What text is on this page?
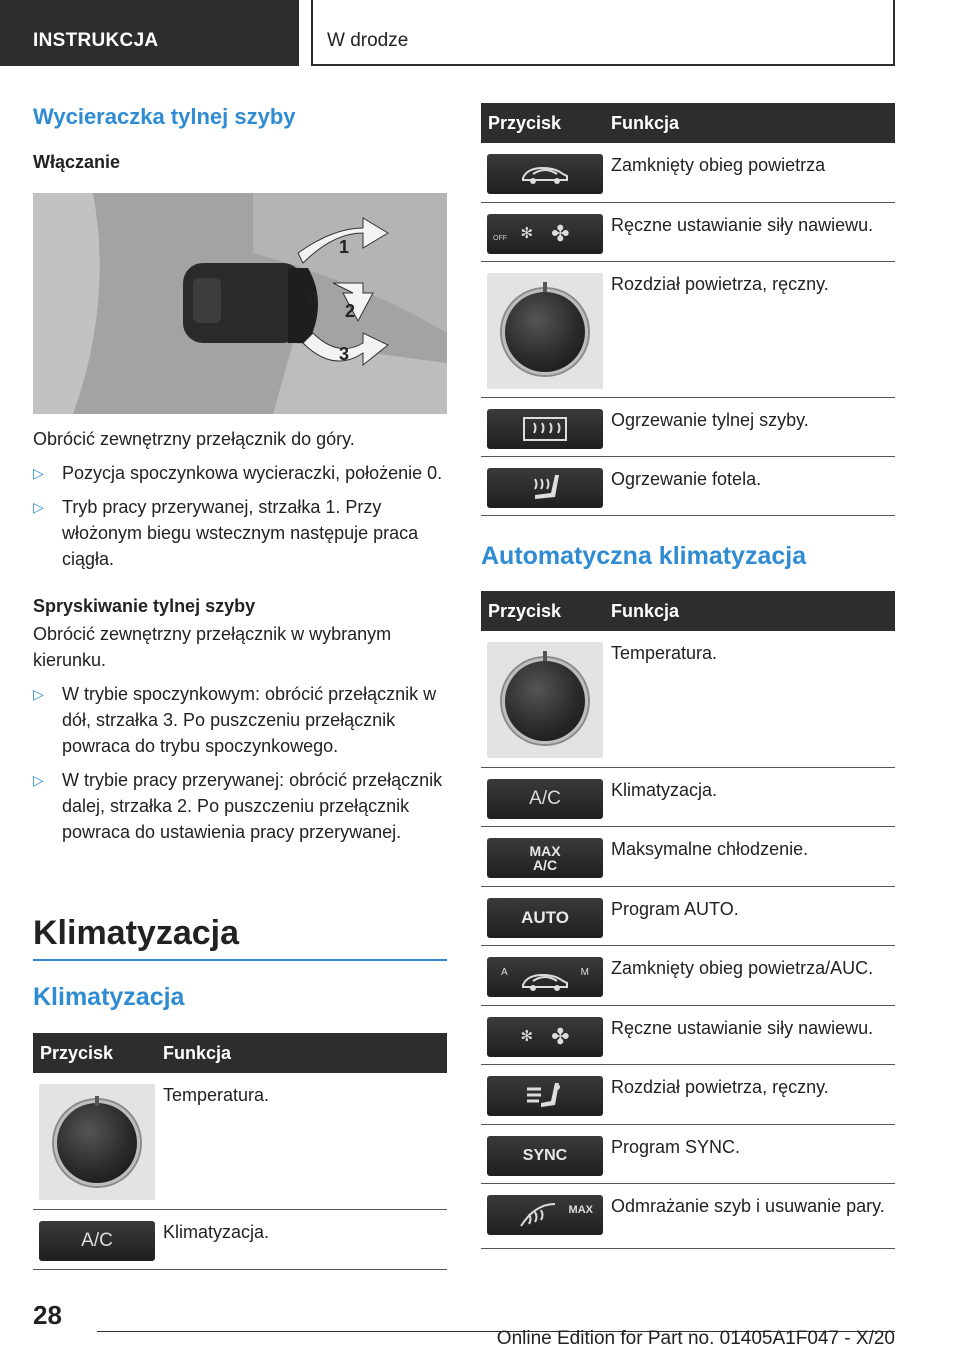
INSTRUKCJA	W drodze
Wycieraczka tylnej szyby
Włączanie
1
0
2
3

Obrócić zewnętrzny przełącznik do góry.

▷ Pozycja spoczynkowa wycieraczki, położenie 0.
▷ Tryb pracy przerywanej, strzałka 1. Przy włożonym biegu wstecznym następuje praca ciągła.
Spryskiwanie tylnej szyby

Obrócić zewnętrzny przełącznik w wybranym kierunku.

▷ W trybie spoczynkowym: obrócić przełącznik w dół, strzałka 3. Po puszczeniu przełącznik powraca do trybu spoczynkowego.
▷ W trybie pracy przerywanej: obrócić przełącznik dalej, strzałka 2. Po puszczeniu przełącznik powraca do ustawienia pracy przerywanej.
Klimatyzacja
Klimatyzacja
Przycisk	Funkcja

	Temperatura.

A/C	Klimatyzacja.
Przycisk	Funkcja

	Zamknięty obieg powietrza

✻ ✤
OFF	Ręczne ustawianie siły nawiewu.

	Rozdział powietrza, ręczny.

	Ogrzewanie tylnej szyby.

	Ogrzewanie fotela.
Automatyczna klimatyzacja
Przycisk	Funkcja

	Temperatura.

A/C	Klimatyzacja.

MAX
A/C	Maksymalne chłodzenie.

AUTO	Program AUTO.

A M	Zamknięty obieg powietrza/AUC.

✻ ✤	Ręczne ustawianie siły nawiewu.

	Rozdział powietrza, ręczny.

SYNC	Program SYNC.

MAX	Odmrażanie szyb i usuwanie pary.
28
Online Edition for Part no. 01405A1F047 - X/20
